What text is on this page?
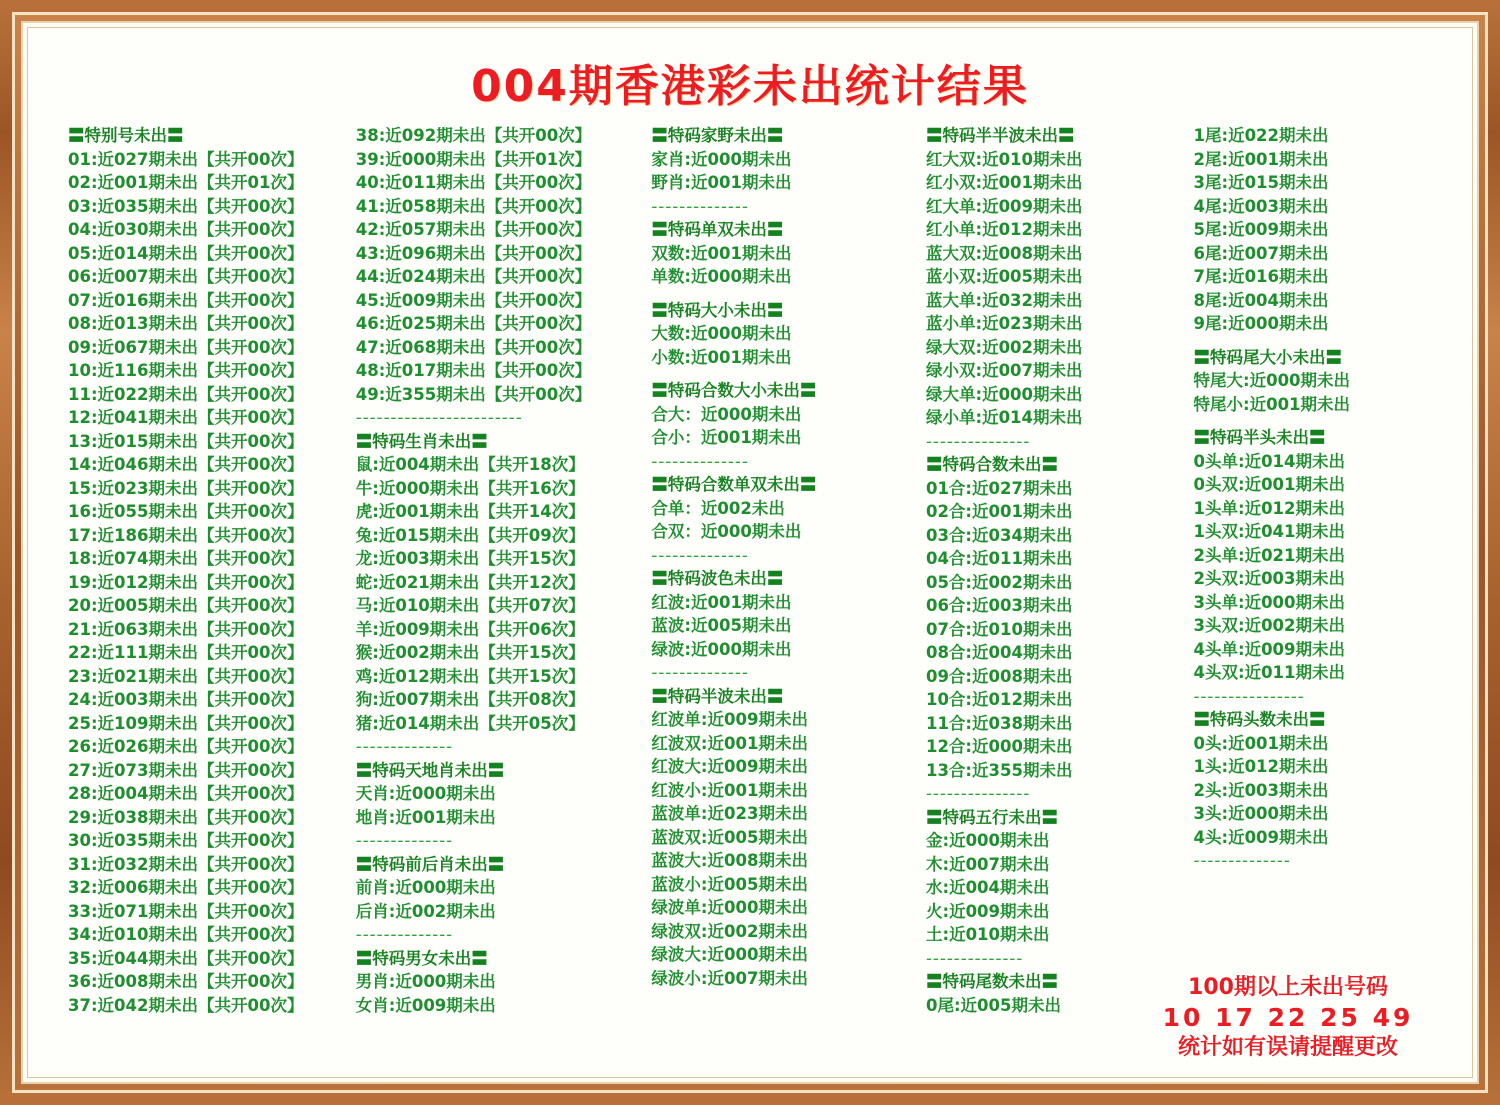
004期香港彩未出统计结果
〓特别号未出〓
01:近027期未出【共开00次】
02:近001期未出【共开01次】
03:近035期未出【共开00次】
04:近030期未出【共开00次】
05:近014期未出【共开00次】
06:近007期未出【共开00次】
07:近016期未出【共开00次】
08:近013期未出【共开00次】
09:近067期未出【共开00次】
10:近116期未出【共开00次】
11:近022期未出【共开00次】
12:近041期未出【共开00次】
13:近015期未出【共开00次】
14:近046期未出【共开00次】
15:近023期未出【共开00次】
16:近055期未出【共开00次】
17:近186期未出【共开00次】
18:近074期未出【共开00次】
19:近012期未出【共开00次】
20:近005期未出【共开00次】
21:近063期未出【共开00次】
22:近111期未出【共开00次】
23:近021期未出【共开00次】
24:近003期未出【共开00次】
25:近109期未出【共开00次】
26:近026期未出【共开00次】
27:近073期未出【共开00次】
28:近004期未出【共开00次】
29:近038期未出【共开00次】
30:近035期未出【共开00次】
31:近032期未出【共开00次】
32:近006期未出【共开00次】
33:近071期未出【共开00次】
34:近010期未出【共开00次】
35:近044期未出【共开00次】
36:近008期未出【共开00次】
37:近042期未出【共开00次】
38:近092期未出【共开00次】
39:近000期未出【共开01次】
40:近011期未出【共开00次】
41:近058期未出【共开00次】
42:近057期未出【共开00次】
43:近096期未出【共开00次】
44:近024期未出【共开00次】
45:近009期未出【共开00次】
46:近025期未出【共开00次】
47:近068期未出【共开00次】
48:近017期未出【共开00次】
49:近355期未出【共开00次】
------------------------
〓特码生肖未出〓
鼠:近004期未出【共开18次】
牛:近000期未出【共开16次】
虎:近001期未出【共开14次】
兔:近015期未出【共开09次】
龙:近003期未出【共开15次】
蛇:近021期未出【共开12次】
马:近010期未出【共开07次】
羊:近009期未出【共开06次】
猴:近002期未出【共开15次】
鸡:近012期未出【共开15次】
狗:近007期未出【共开08次】
猪:近014期未出【共开05次】
--------------
〓特码天地肖未出〓
天肖:近000期未出
地肖:近001期未出
--------------
〓特码前后肖未出〓
前肖:近000期未出
后肖:近002期未出
--------------
〓特码男女未出〓
男肖:近000期未出
女肖:近009期未出
〓特码家野未出〓
家肖:近000期未出
野肖:近001期未出
--------------
〓特码单双未出〓
双数:近001期未出
单数:近000期未出
〓特码大小未出〓
大数:近000期未出
小数:近001期未出
〓特码合数大小未出〓
合大：近000期未出
合小：近001期未出
--------------
〓特码合数单双未出〓
合单：近002未出
合双：近000期未出
--------------
〓特码波色未出〓
红波:近001期未出
蓝波:近005期未出
绿波:近000期未出
--------------
〓特码半波未出〓
红波单:近009期未出
红波双:近001期未出
红波大:近009期未出
红波小:近001期未出
蓝波单:近023期未出
蓝波双:近005期未出
蓝波大:近008期未出
蓝波小:近005期未出
绿波单:近000期未出
绿波双:近002期未出
绿波大:近000期未出
绿波小:近007期未出
〓特码半半波未出〓
红大双:近010期未出
红小双:近001期未出
红大单:近009期未出
红小单:近012期未出
蓝大双:近008期未出
蓝小双:近005期未出
蓝大单:近032期未出
蓝小单:近023期未出
绿大双:近002期未出
绿小双:近007期未出
绿大单:近000期未出
绿小单:近014期未出
---------------
〓特码合数未出〓
01合:近027期未出
02合:近001期未出
03合:近034期未出
04合:近011期未出
05合:近002期未出
06合:近003期未出
07合:近010期未出
08合:近004期未出
09合:近008期未出
10合:近012期未出
11合:近038期未出
12合:近000期未出
13合:近355期未出
---------------
〓特码五行未出〓
金:近000期未出
木:近007期未出
水:近004期未出
火:近009期未出
土:近010期未出
--------------
〓特码尾数未出〓
0尾:近005期未出
1尾:近022期未出
2尾:近001期未出
3尾:近015期未出
4尾:近003期未出
5尾:近009期未出
6尾:近007期未出
7尾:近016期未出
8尾:近004期未出
9尾:近000期未出
〓特码尾大小未出〓
特尾大:近000期未出
特尾小:近001期未出
〓特码半头未出〓
0头单:近014期未出
0头双:近001期未出
1头单:近012期未出
1头双:近041期未出
2头单:近021期未出
2头双:近003期未出
3头单:近000期未出
3头双:近002期未出
4头单:近009期未出
4头双:近011期未出
----------------
〓特码头数未出〓
0头:近001期未出
1头:近012期未出
2头:近003期未出
3头:近000期未出
4头:近009期未出
--------------
100期以上未出号码
10 17 22 25 49
统计如有误请提醒更改
